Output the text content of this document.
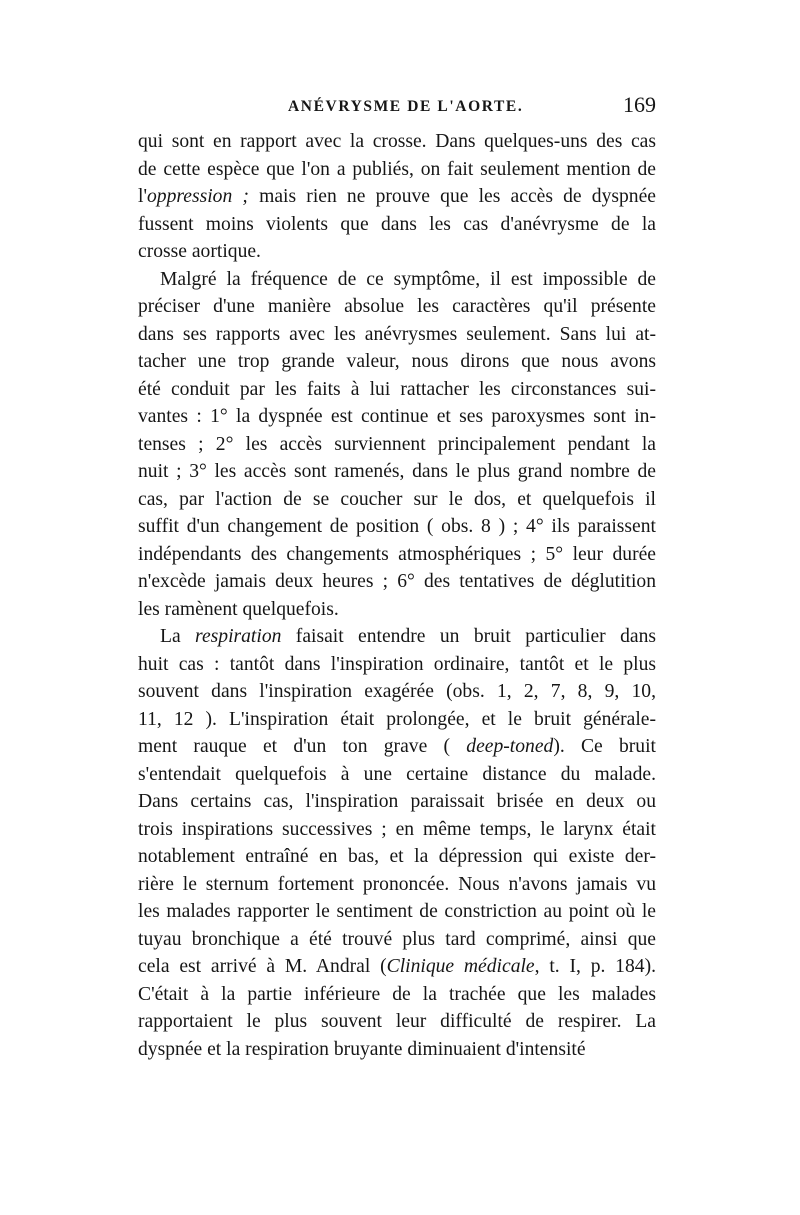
ANÉVRYSME DE L'AORTE.	169
qui sont en rapport avec la crosse. Dans quelques-uns des cas
de cette espèce que l'on a publiés, on fait seulement mention de
l'oppression ; mais rien ne prouve que les accès de dyspnée
fussent moins violents que dans les cas d'anévrysme de la
crosse aortique.
Malgré la fréquence de ce symptôme, il est impossible de
préciser d'une manière absolue les caractères qu'il présente
dans ses rapports avec les anévrysmes seulement. Sans lui at-
tacher une trop grande valeur, nous dirons que nous avons
été conduit par les faits à lui rattacher les circonstances sui-
vantes : 1° la dyspnée est continue et ses paroxysmes sont in-
tenses ; 2° les accès surviennent principalement pendant la
nuit ; 3° les accès sont ramenés, dans le plus grand nombre de
cas, par l'action de se coucher sur le dos, et quelquefois il
suffit d'un changement de position ( obs. 8 ) ; 4° ils paraissent
indépendants des changements atmosphériques ; 5° leur durée
n'excède jamais deux heures ; 6° des tentatives de déglutition
les ramènent quelquefois.
La respiration faisait entendre un bruit particulier dans
huit cas : tantôt dans l'inspiration ordinaire, tantôt et le plus
souvent dans l'inspiration exagérée (obs. 1, 2, 7, 8, 9, 10,
11, 12 ). L'inspiration était prolongée, et le bruit générale-
ment rauque et d'un ton grave ( deep-toned). Ce bruit
s'entendait quelquefois à une certaine distance du malade.
Dans certains cas, l'inspiration paraissait brisée en deux ou
trois inspirations successives ; en même temps, le larynx était
notablement entraîné en bas, et la dépression qui existe der-
rière le sternum fortement prononcée. Nous n'avons jamais vu
les malades rapporter le sentiment de constriction au point où le
tuyau bronchique a été trouvé plus tard comprimé, ainsi que
cela est arrivé à M. Andral (Clinique médicale, t. I, p. 184).
C'était à la partie inférieure de la trachée que les malades
rapportaient le plus souvent leur difficulté de respirer. La
dyspnée et la respiration bruyante diminuaient d'intensité
